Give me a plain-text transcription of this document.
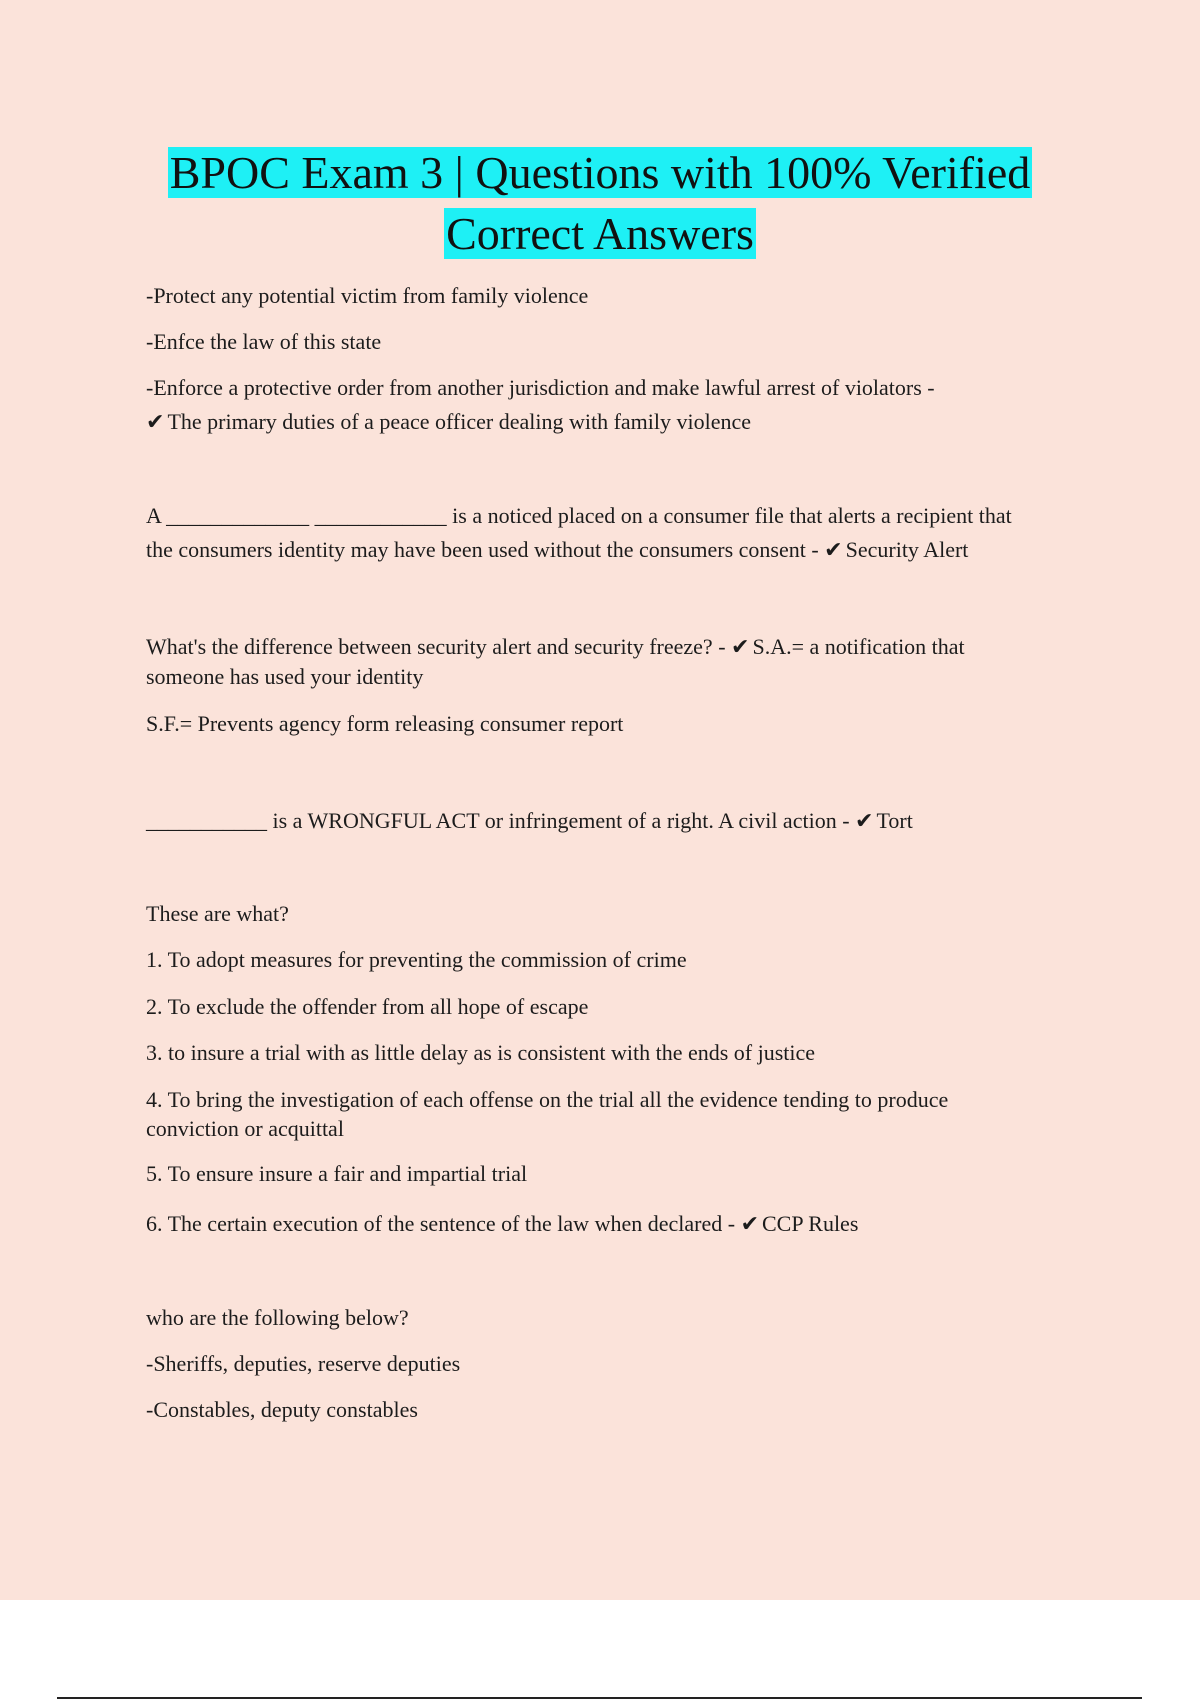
BPOC Exam 3 | Questions with 100% Verified
Correct Answers
-Protect any potential victim from family violence
-Enfce the law of this state
-Enforce a protective order from another jurisdiction and make lawful arrest of violators -
✔ The primary duties of a peace officer dealing with family violence
A _____________ ____________ is a noticed placed on a consumer file that alerts a recipient that
the consumers identity may have been used without the consumers consent - ✔ Security Alert
What's the difference between security alert and security freeze? - ✔ S.A.= a notification that
someone has used your identity
S.F.= Prevents agency form releasing consumer report
___________ is a WRONGFUL ACT or infringement of a right. A civil action - ✔ Tort
These are what?
1. To adopt measures for preventing the commission of crime
2. To exclude the offender from all hope of escape
3. to insure a trial with as little delay as is consistent with the ends of justice
4. To bring the investigation of each offense on the trial all the evidence tending to produce
conviction or acquittal
5. To ensure insure a fair and impartial trial
6. The certain execution of the sentence of the law when declared - ✔ CCP Rules
who are the following below?
-Sheriffs, deputies, reserve deputies
-Constables, deputy constables
